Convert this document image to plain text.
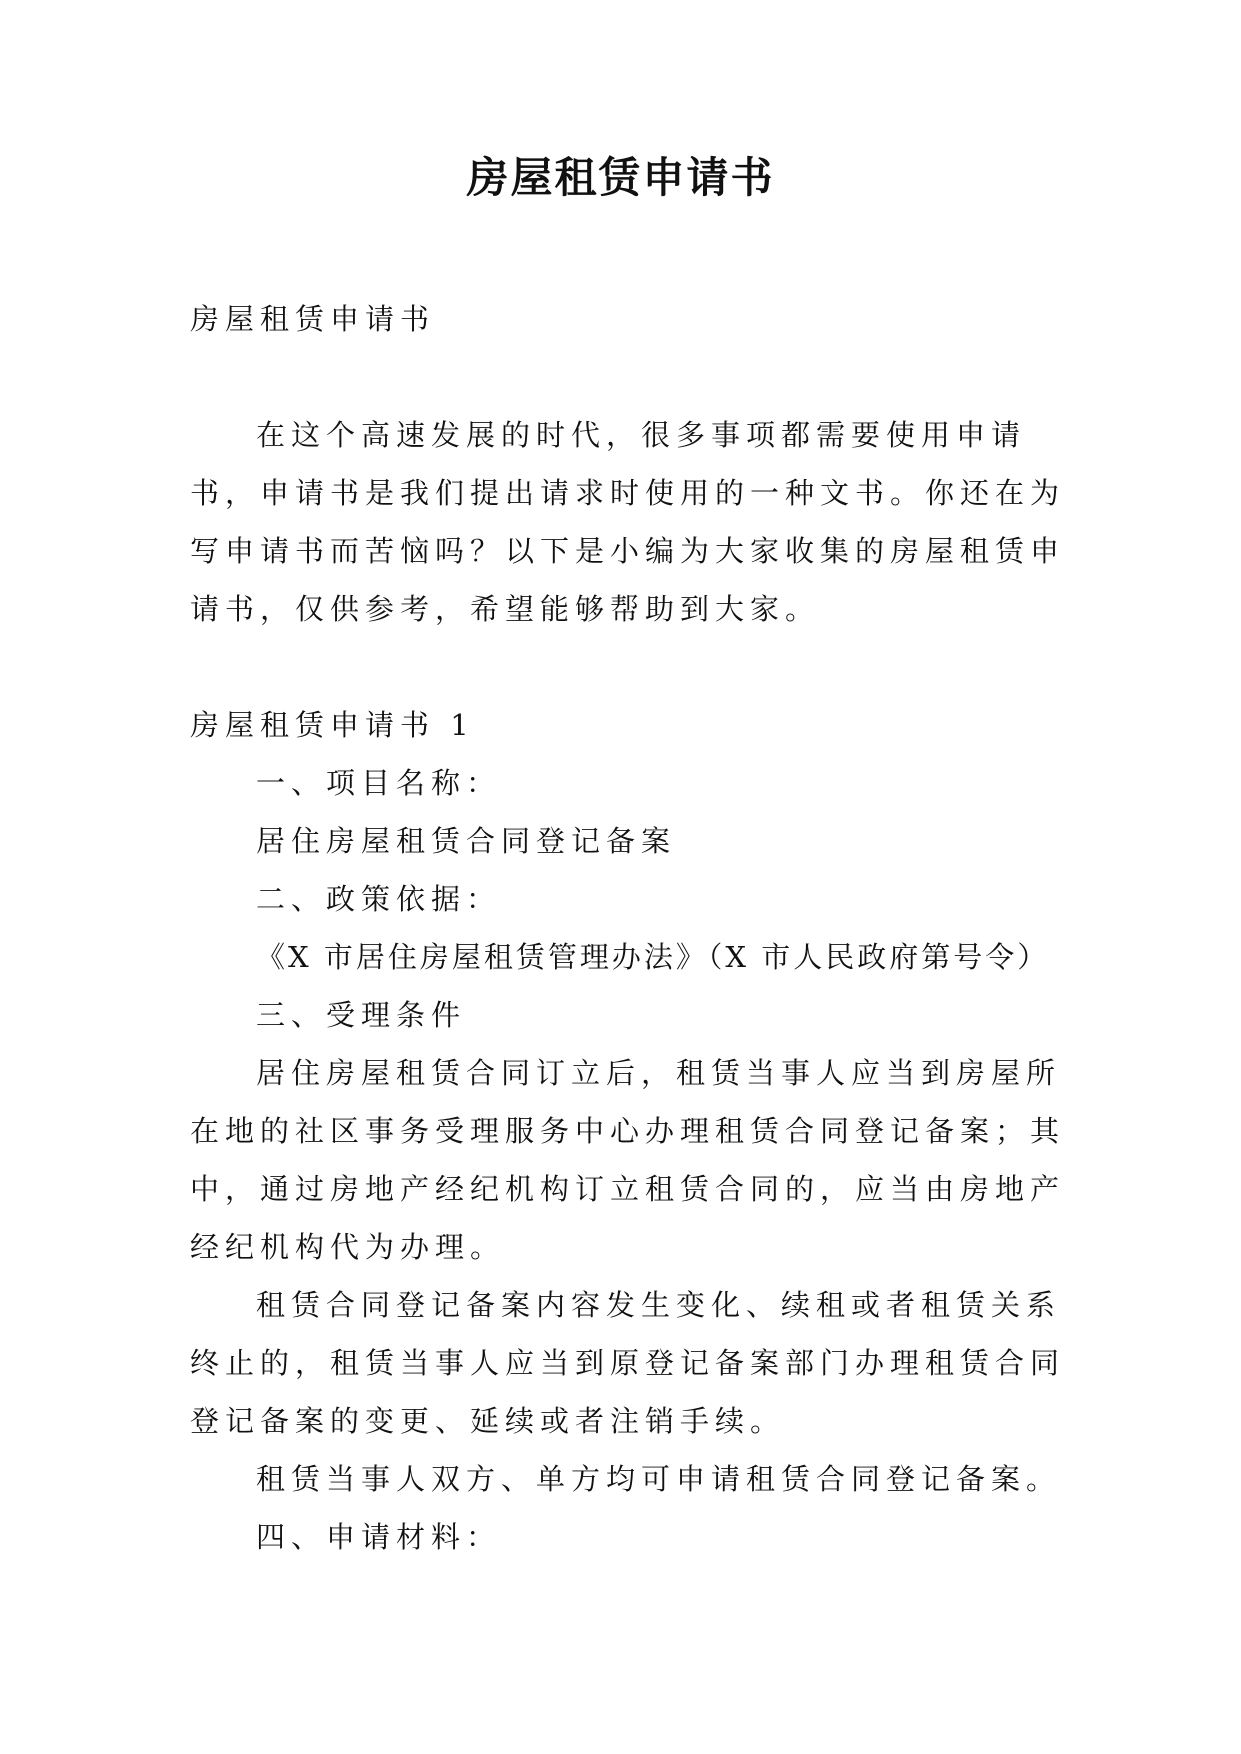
房屋租赁申请书

房屋租赁申请书

在这个高速发展的时代，很多事项都需要使用申请书，申请书是我们提出请求时使用的一种文书。你还在为写申请书而苦恼吗？以下是小编为大家收集的房屋租赁申请书，仅供参考，希望能够帮助到大家。

房屋租赁申请书 1

一、项目名称：

居住房屋租赁合同登记备案

二、政策依据：

《X 市居住房屋租赁管理办法》（X 市人民政府第号令）

三、受理条件

居住房屋租赁合同订立后，租赁当事人应当到房屋所在地的社区事务受理服务中心办理租赁合同登记备案；其中，通过房地产经纪机构订立租赁合同的，应当由房地产经纪机构代为办理。

租赁合同登记备案内容发生变化、续租或者租赁关系终止的，租赁当事人应当到原登记备案部门办理租赁合同登记备案的变更、延续或者注销手续。

租赁当事人双方、单方均可申请租赁合同登记备案。

四、申请材料：
